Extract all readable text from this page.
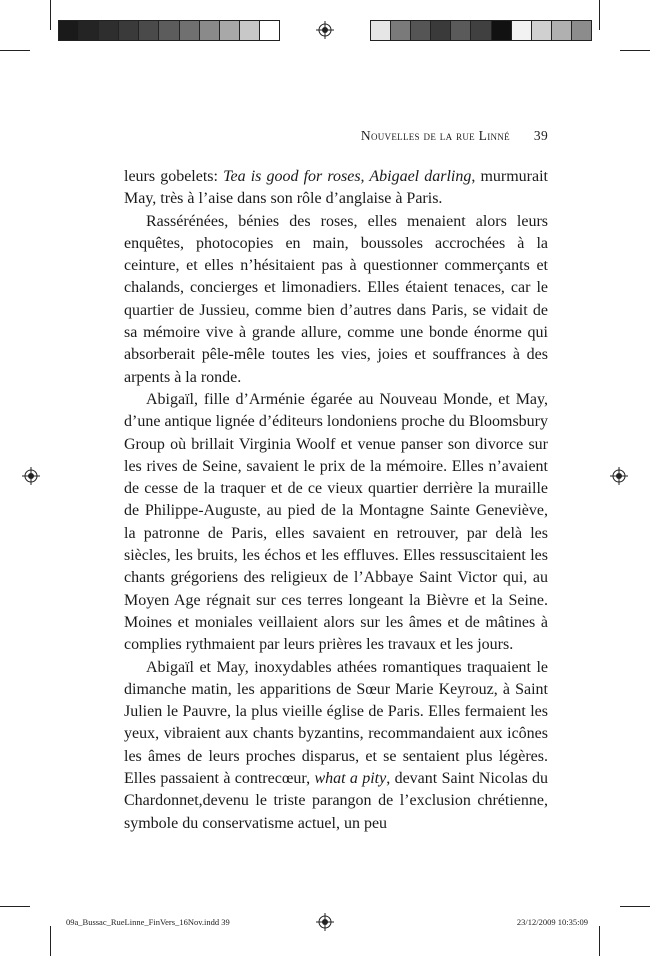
Nouvelles de la rue Linné 39

leurs gobelets: Tea is good for roses, Abigael darling, murmurait May, très à l’aise dans son rôle d’anglaise à Paris.

Rassérénées, bénies des roses, elles menaient alors leurs enquêtes, photocopies en main, boussoles accrochées à la ceinture, et elles n’hésitaient pas à questionner commerçants et chalands, concierges et limonadiers. Elles étaient tenaces, car le quartier de Jussieu, comme bien d’autres dans Paris, se vidait de sa mémoire vive à grande allure, comme une bonde énorme qui absorberait pêle-mêle toutes les vies, joies et souffrances à des arpents à la ronde.

Abigaïl, fille d’Arménie égarée au Nouveau Monde, et May, d’une antique lignée d’éditeurs londoniens proche du Bloomsbury Group où brillait Virginia Woolf et venue panser son divorce sur les rives de Seine, savaient le prix de la mémoire. Elles n’avaient de cesse de la traquer et de ce vieux quartier derrière la muraille de Philippe-Auguste, au pied de la Montagne Sainte Geneviève, la patronne de Paris, elles savaient en retrouver, par delà les siècles, les bruits, les échos et les effluves. Elles ressuscitaient les chants grégoriens des religieux de l’Abbaye Saint Victor qui, au Moyen Age régnait sur ces terres longeant la Bièvre et la Seine. Moines et moniales veillaient alors sur les âmes et de mâtines à complies rythmaient par leurs prières les travaux et les jours.

Abigaïl et May, inoxydables athées romantiques traquaient le dimanche matin, les apparitions de Sœur Marie Keyrouz, à Saint Julien le Pauvre, la plus vieille église de Paris. Elles fermaient les yeux, vibraient aux chants byzantins, recommandaient aux icônes les âmes de leurs proches disparus, et se sentaient plus légères. Elles passaient à contrecœur, what a pity, devant Saint Nicolas du Chardonnet,devenu le triste parangon de l’exclusion chrétienne, symbole du conservatisme actuel, un peu

09a_Bussac_RueLinne_FinVers_16Nov.indd 39	23/12/2009 10:35:09
